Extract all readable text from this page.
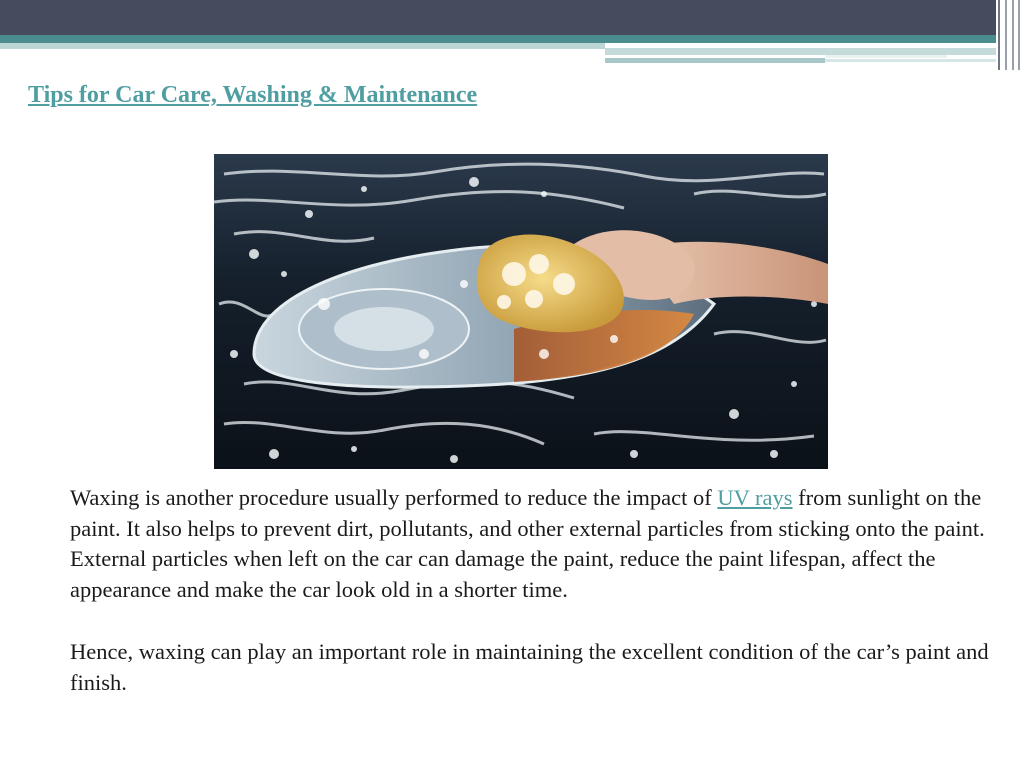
Tips for Car Care, Washing & Maintenance

Waxing is another procedure usually performed to reduce the impact of UV rays from sunlight on the paint. It also helps to prevent dirt, pollutants, and other external particles from sticking onto the paint. External particles when left on the car can damage the paint, reduce the paint lifespan, affect the appearance and make the car look old in a shorter time.

Hence, waxing can play an important role in maintaining the excellent condition of the car’s paint and finish.
